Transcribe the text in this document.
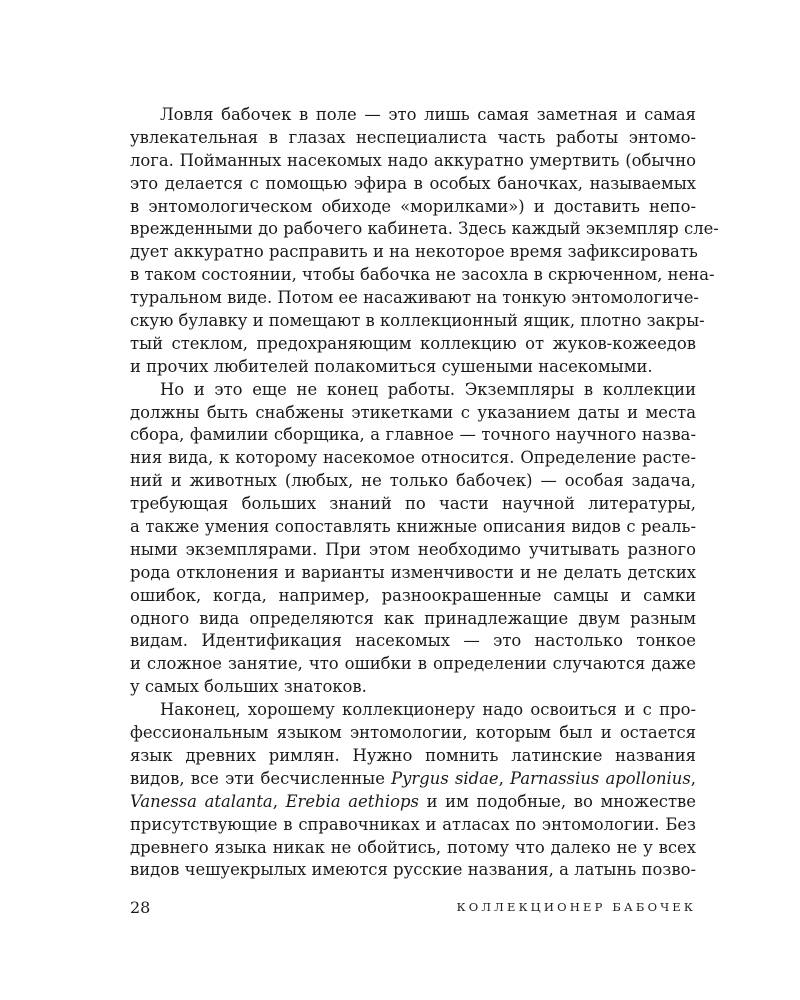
Ловля бабочек в поле — это лишь самая заметная и самая
увлекательная в глазах неспециалиста часть работы энтомо-
лога. Пойманных насекомых надо аккуратно умертвить (обычно
это делается с помощью эфира в особых баночках, называемых
в энтомологическом обиходе «морилками») и доставить непо-
врежденными до рабочего кабинета. Здесь каждый экземпляр сле-
дует аккуратно расправить и на некоторое время зафиксировать
в таком состоянии, чтобы бабочка не засохла в скрюченном, нена-
турaльном виде. Потом ее насаживают на тонкую энтомологиче-
скую булавку и помещают в коллекционный ящик, плотно закры-
тый стеклом, предохраняющим коллекцию от жуков-кожеедов
и прочих любителей полакомиться сушеными насекомыми.
Но и это еще не конец работы. Экземпляры в коллекции
должны быть снабжены этикетками с указанием даты и места
сбора, фамилии сборщика, а главное — точного научного назва-
ния вида, к которому насекомое относится. Определение расте-
ний и животных (любых, не только бабочек) — особая задача,
требующая больших знаний по части научной литературы,
а также умения сопоставлять книжные описания видов с реаль-
ными экземплярами. При этом необходимо учитывать разного
рода отклонения и варианты изменчивости и не делать детских
ошибок, когда, например, разноокрашенные самцы и самки
одного вида определяются как принадлежащие двум разным
видам. Идентификация насекомых — это настолько тонкое
и сложное занятие, что ошибки в определении случаются даже
у самых больших знатоков.
Наконец, хорошему коллекционеру надо освоиться и с про-
фессиональным языком энтомологии, которым был и остается
язык древних римлян. Нужно помнить латинские названия
видов, все эти бесчисленные Pyrgus sidae, Parnassius apollonius,
Vanessa atalanta, Erebia aethiops и им подобные, во множестве
присутствующие в справочниках и атласах по энтомологии. Без
древнего языка никак не обойтись, потому что далеко не у всех
видов чешуекрылых имеются русские названия, а латынь позво-
28	КОЛЛЕКЦИОНЕР БАБОЧЕК
